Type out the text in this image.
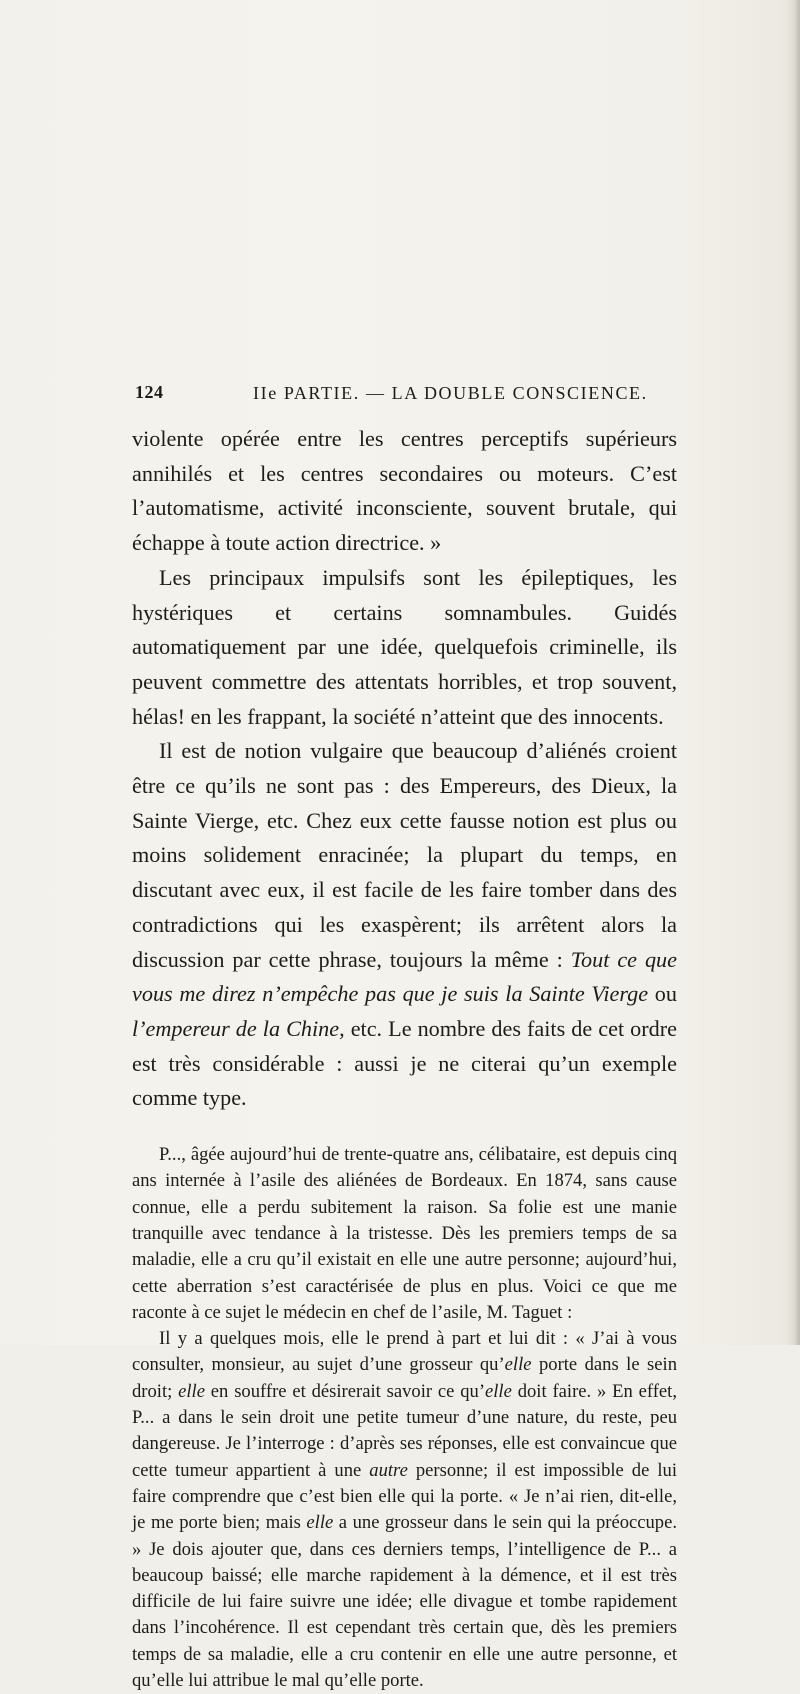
124	IIe PARTIE. — LA DOUBLE CONSCIENCE.

violente opérée entre les centres perceptifs supérieurs annihilés et les centres secondaires ou moteurs. C’est l’automatisme, activité inconsciente, souvent brutale, qui échappe à toute action directrice. »

Les principaux impulsifs sont les épileptiques, les hystériques et certains somnambules. Guidés automatiquement par une idée, quelquefois criminelle, ils peuvent commettre des attentats horribles, et trop souvent, hélas! en les frappant, la société n’atteint que des innocents.

Il est de notion vulgaire que beaucoup d’aliénés croient être ce qu’ils ne sont pas : des Empereurs, des Dieux, la Sainte Vierge, etc. Chez eux cette fausse notion est plus ou moins solidement enracinée; la plupart du temps, en discutant avec eux, il est facile de les faire tomber dans des contradictions qui les exaspèrent; ils arrêtent alors la discussion par cette phrase, toujours la même : Tout ce que vous me direz n’empêche pas que je suis la Sainte Vierge ou l’empereur de la Chine, etc. Le nombre des faits de cet ordre est très considérable : aussi je ne citerai qu’un exemple comme type.

P..., âgée aujourd’hui de trente-quatre ans, célibataire, est depuis cinq ans internée à l’asile des aliénées de Bordeaux. En 1874, sans cause connue, elle a perdu subitement la raison. Sa folie est une manie tranquille avec tendance à la tristesse. Dès les premiers temps de sa maladie, elle a cru qu’il existait en elle une autre personne; aujourd’hui, cette aberration s’est caractérisée de plus en plus. Voici ce que me raconte à ce sujet le médecin en chef de l’asile, M. Taguet :

Il y a quelques mois, elle le prend à part et lui dit : « J’ai à vous consulter, monsieur, au sujet d’une grosseur qu’elle porte dans le sein droit; elle en souffre et désirerait savoir ce qu’elle doit faire. » En effet, P... a dans le sein droit une petite tumeur d’une nature, du reste, peu dangereuse. Je l’interroge : d’après ses réponses, elle est convaincue que cette tumeur appartient à une autre personne; il est impossible de lui faire comprendre que c’est bien elle qui la porte. « Je n’ai rien, dit-elle, je me porte bien; mais elle a une grosseur dans le sein qui la préoccupe. » Je dois ajouter que, dans ces derniers temps, l’intelligence de P... a beaucoup baissé; elle marche rapidement à la démence, et il est très difficile de lui faire suivre une idée; elle divague et tombe rapidement dans l’incohérence. Il est cependant très certain que, dès les premiers temps de sa maladie, elle a cru contenir en elle une autre personne, et qu’elle lui attribue le mal qu’elle porte.
